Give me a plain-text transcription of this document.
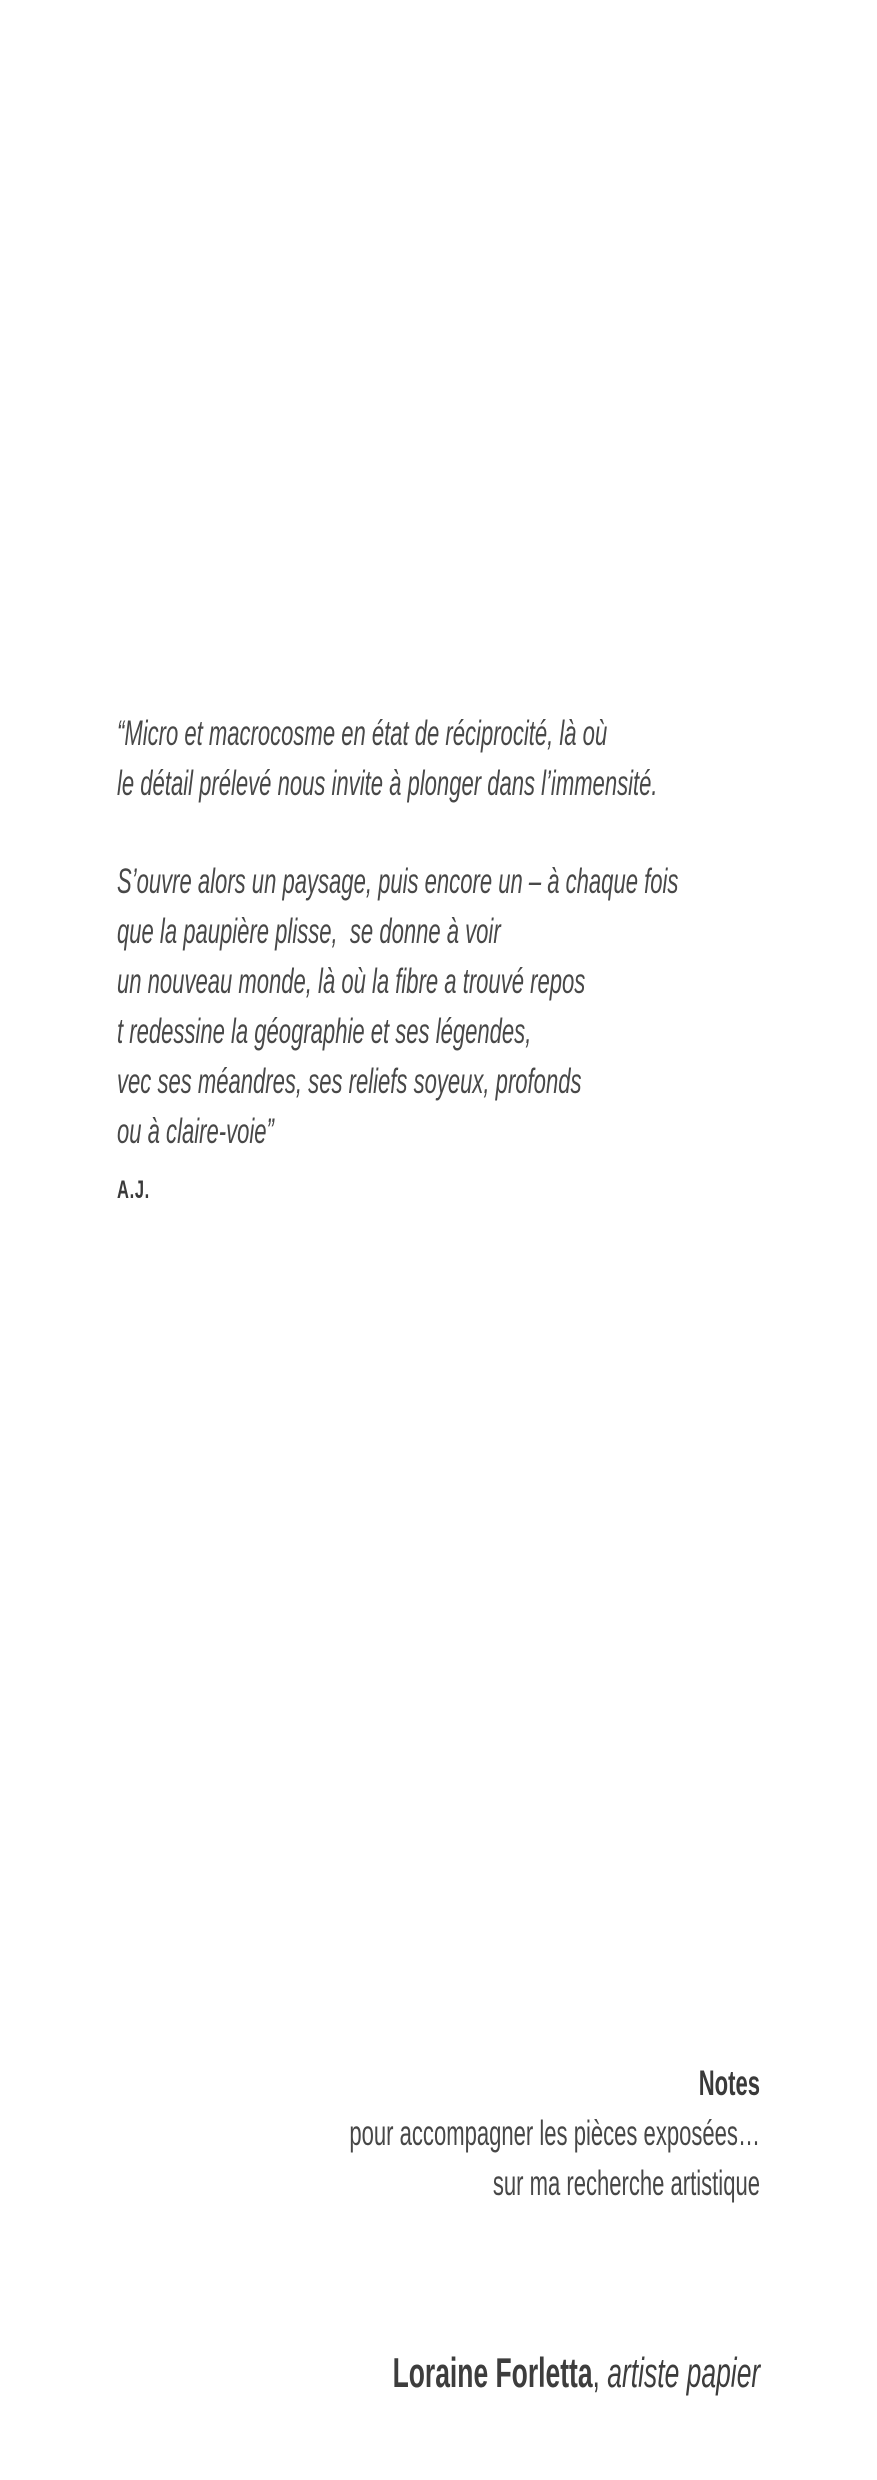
“Micro et macrocosme en état de réciprocité, là où
le détail prélevé nous invite à plonger dans l’immensité.
S’ouvre alors un paysage, puis encore un – à chaque fois
que la paupière plisse,  se donne à voir
un nouveau monde, là où la fibre a trouvé repos
t redessine la géographie et ses légendes,
vec ses méandres, ses reliefs soyeux, profonds
ou à claire-voie”
A.J.
Notes
pour accompagner les pièces exposées…
sur ma recherche artistique

Loraine Forletta, artiste papier
